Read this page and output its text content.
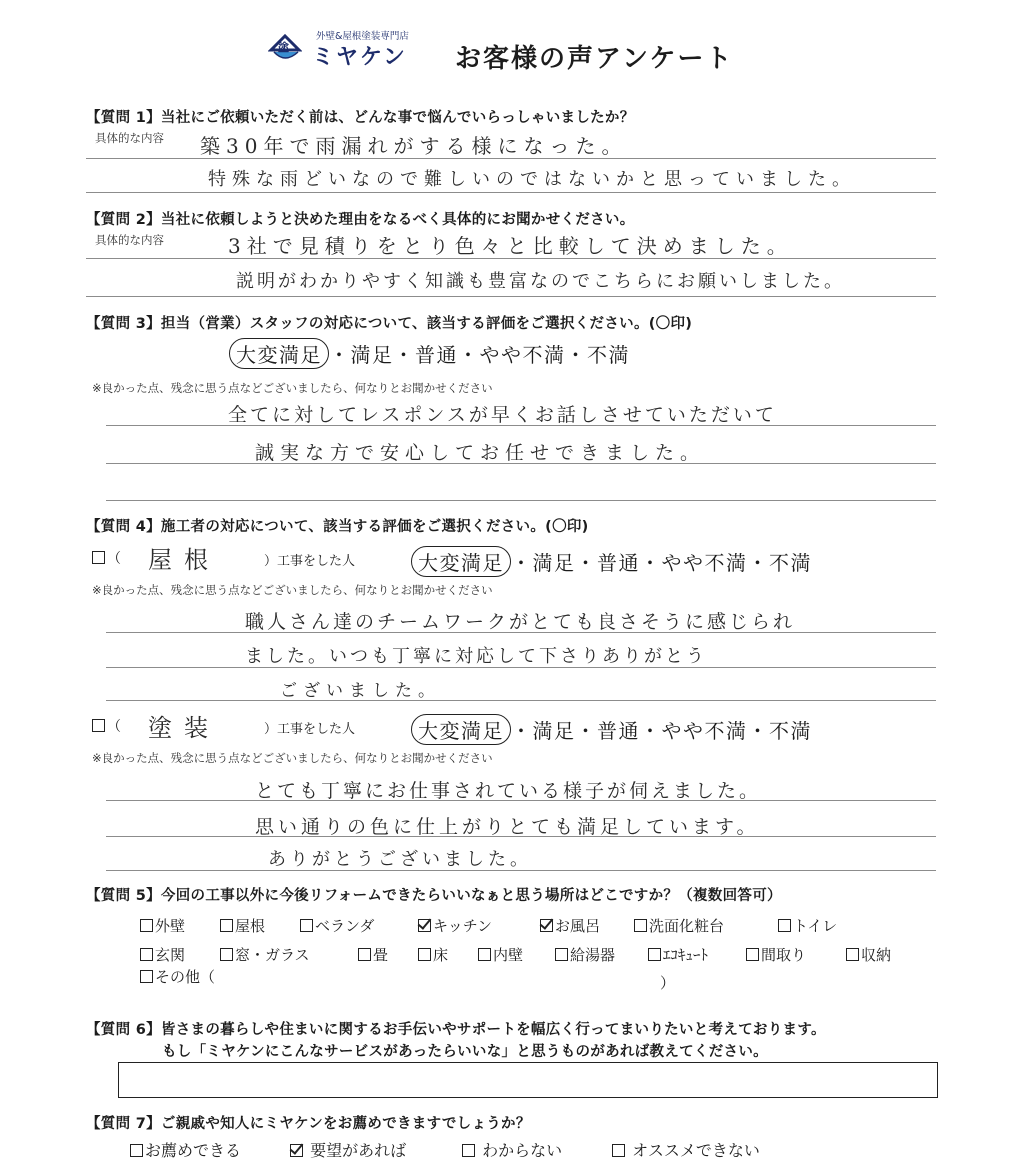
塗
外壁&屋根塗装専門店
ミヤケン お客様の声アンケート
【質問 1】当社にご依頼いただく前は、どんな事で悩んでいらっしゃいましたか？
具体的な内容 築30年で雨漏れがする様になった。
特殊な雨どいなので難しいのではないかと思っていました。
【質問 2】当社に依頼しようと決めた理由をなるべく具体的にお聞かせください。
具体的な内容	3社で見積りをとり色々と比較して決めました。
説明がわかりやすく知識も豊富なのでこちらにお願いしました。
【質問 3】担当（営業）スタッフの対応について、該当する評価をご選択ください。(〇印)
大変満足 ・満足・普通・やや不満・不満
※良かった点、残念に思う点などございましたら、何なりとお聞かせください
全てに対してレスポンスが早くお話しさせていただいて
誠実な方で安心してお任せできました。
【質問 4】施工者の対応について、該当する評価をご選択ください。(〇印)
（ 屋根	）工事をした人	大変満足 ・満足・普通・やや不満・不満
※良かった点、残念に思う点などございましたら、何なりとお聞かせください
職人さん達のチームワークがとても良さそうに感じられ
ました。いつも丁寧に対応して下さりありがとう
ございました。
（ 塗装	）工事をした人	大変満足 ・満足・普通・やや不満・不満
※良かった点、残念に思う点などございましたら、何なりとお聞かせください
とても丁寧にお仕事されている様子が伺えました。
思い通りの色に仕上がりとても満足しています。
ありがとうございました。
【質問 5】今回の工事以外に今後リフォームできたらいいなぁと思う場所はどこですか？（複数回答可）
外壁	屋根	ベランダ	キッチン	お風呂	洗面化粧台	トイレ
玄関	窓・ガラス	畳	床	内壁	給湯器	ｴｺｷｭｰﾄ	間取り	収納
その他（	）
【質問 6】皆さまの暮らしや住まいに関するお手伝いやサポートを幅広く行ってまいりたいと考えております。
もし「ミヤケンにこんなサービスがあったらいいな」と思うものがあれば教えてください。
【質問 7】ご親戚や知人にミヤケンをお薦めできますでしょうか？
お薦めできる	要望があれば	わからない	オススメできない
